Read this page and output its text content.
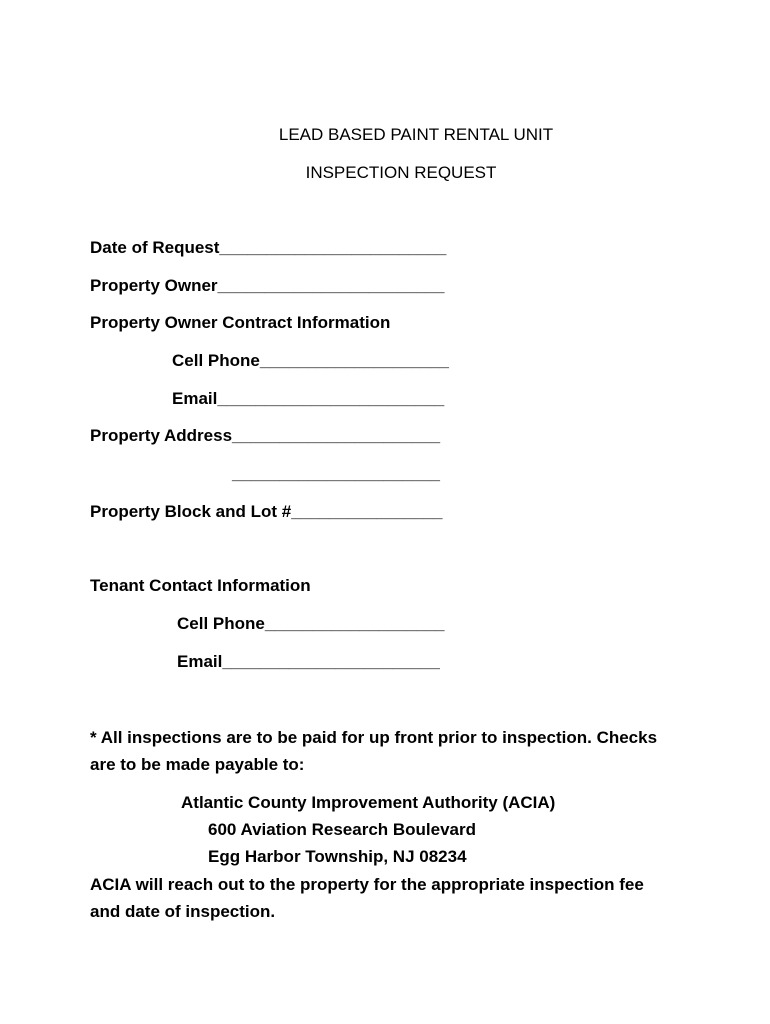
LEAD BASED PAINT RENTAL UNIT
INSPECTION REQUEST
Date of Request________________________
Property Owner________________________
Property Owner Contract Information
Cell Phone____________________
Email________________________
Property Address______________________
______________________
Property Block and Lot #________________
Tenant Contact Information
Cell Phone___________________
Email_______________________
* All inspections are to be paid for up front prior to inspection. Checks
are to be made payable to:
Atlantic County Improvement Authority (ACIA)
600 Aviation Research Boulevard
Egg Harbor Township, NJ 08234
ACIA will reach out to the property for the appropriate inspection fee
and date of inspection.
